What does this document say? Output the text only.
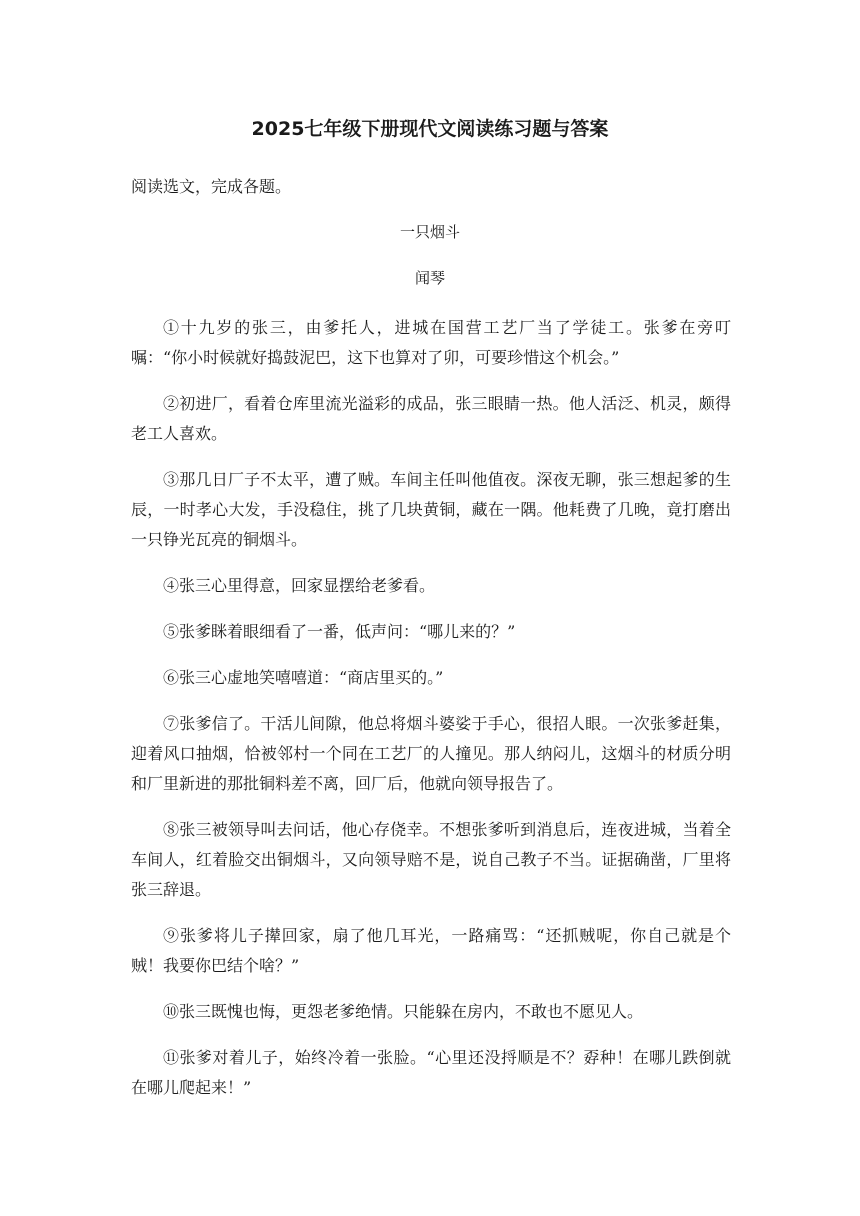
2025七年级下册现代文阅读练习题与答案
阅读选文，完成各题。
一只烟斗
闻琴

①十九岁的张三，由爹托人，进城在国营工艺厂当了学徒工。张爹在旁叮嘱：“你小时候就好捣鼓泥巴，这下也算对了卯，可要珍惜这个机会。”

②初进厂，看着仓库里流光溢彩的成品，张三眼睛一热。他人活泛、机灵，颇得老工人喜欢。

③那几日厂子不太平，遭了贼。车间主任叫他值夜。深夜无聊，张三想起爹的生辰，一时孝心大发，手没稳住，挑了几块黄铜，藏在一隅。他耗费了几晚，竟打磨出一只铮光瓦亮的铜烟斗。

④张三心里得意，回家显摆给老爹看。

⑤张爹眯着眼细看了一番，低声问：“哪儿来的？”

⑥张三心虚地笑嘻嘻道：“商店里买的。”

⑦张爹信了。干活儿间隙，他总将烟斗婆娑于手心，很招人眼。一次张爹赶集，迎着风口抽烟，恰被邻村一个同在工艺厂的人撞见。那人纳闷儿，这烟斗的材质分明和厂里新进的那批铜料差不离，回厂后，他就向领导报告了。

⑧张三被领导叫去问话，他心存侥幸。不想张爹听到消息后，连夜进城，当着全车间人，红着脸交出铜烟斗，又向领导赔不是，说自己教子不当。证据确凿，厂里将张三辞退。

⑨张爹将儿子撵回家，扇了他几耳光，一路痛骂：“还抓贼呢，你自己就是个贼！我要你巴结个啥？”

⑩张三既愧也悔，更怨老爹绝情。只能躲在房内，不敢也不愿见人。

⑪张爹对着儿子，始终冷着一张脸。“心里还没捋顺是不？孬种！在哪儿跌倒就在哪儿爬起来！”
